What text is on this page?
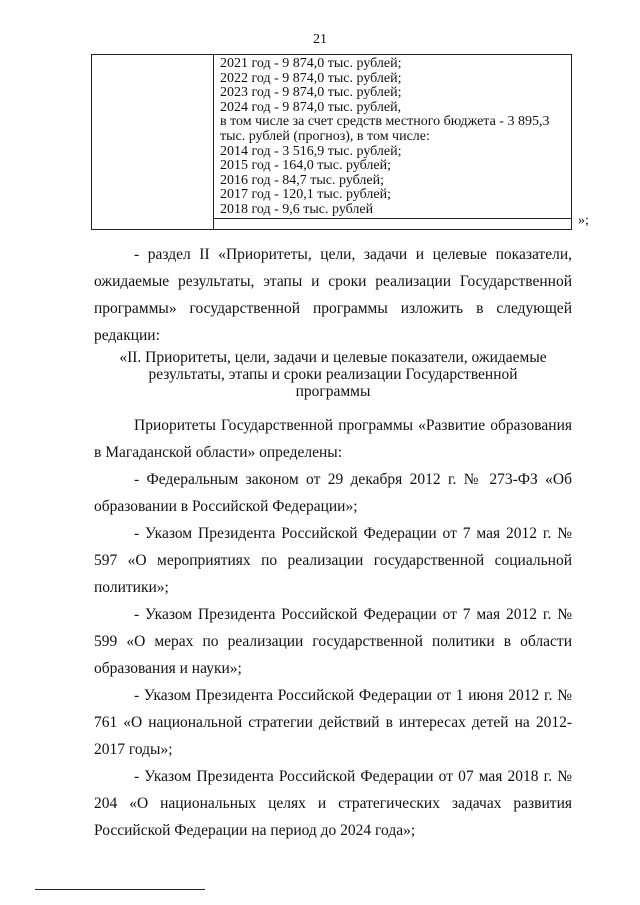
21
2021 год - 9 874,0 тыс. рублей;
2022 год - 9 874,0 тыс. рублей;
2023 год - 9 874,0 тыс. рублей;
2024 год - 9 874,0 тыс. рублей,
в том числе за счет средств местного бюджета - 3 895,3
тыс. рублей (прогноз), в том числе:
2014 год - 3 516,9 тыс. рублей;
2015 год - 164,0 тыс. рублей;
2016 год - 84,7 тыс. рублей;
2017 год - 120,1 тыс. рублей;
2018 год - 9,6 тыс. рублей
»;

- раздел II «Приоритеты, цели, задачи и целевые показатели, ожидаемые результаты, этапы и сроки реализации Государственной программы» государственной программы изложить в следующей редакции:

«II. Приоритеты, цели, задачи и целевые показатели, ожидаемые
результаты, этапы и сроки реализации Государственной
программы

Приоритеты Государственной программы «Развитие образования в Магаданской области» определены:

- Федеральным законом от 29 декабря 2012 г. № 273-ФЗ «Об образовании в Российской Федерации»;

- Указом Президента Российской Федерации от 7 мая 2012 г. № 597 «О мероприятиях по реализации государственной социальной политики»;

- Указом Президента Российской Федерации от 7 мая 2012 г. № 599 «О мерах по реализации государственной политики в области образования и науки»;

- Указом Президента Российской Федерации от 1 июня 2012 г. № 761 «О национальной стратегии действий в интересах детей на 2012-2017 годы»;

- Указом Президента Российской Федерации от 07 мая 2018 г. № 204 «О национальных целях и стратегических задачах развития Российской Федерации на период до 2024 года»;
